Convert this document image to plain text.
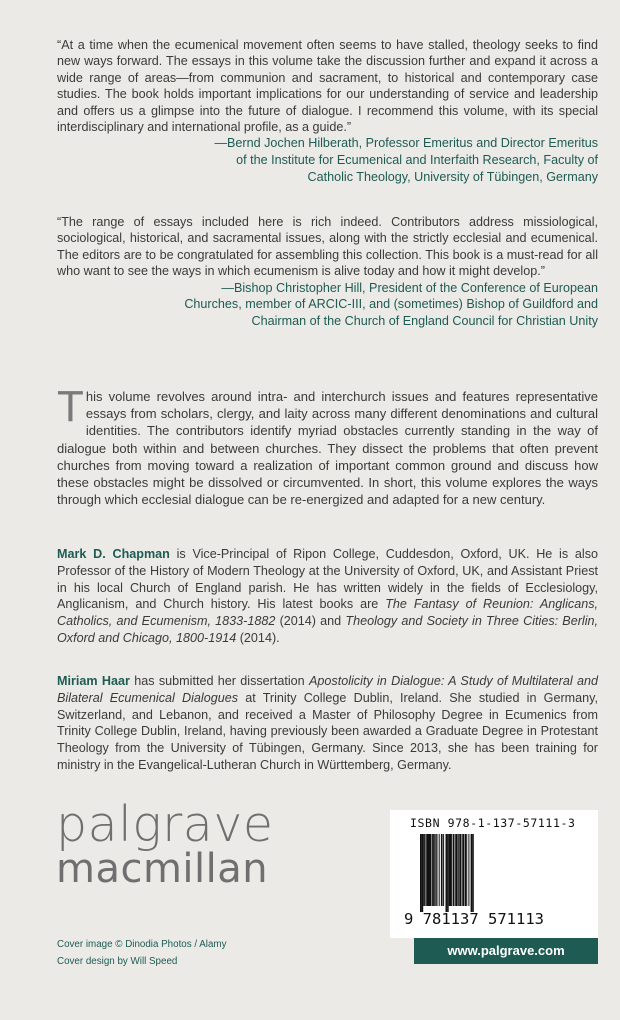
“At a time when the ecumenical movement often seems to have stalled, theology seeks to find new ways forward. The essays in this volume take the discussion further and expand it across a wide range of areas—from communion and sacrament, to historical and contemporary case studies. The book holds important implications for our understanding of service and leadership and offers us a glimpse into the future of dialogue. I recommend this volume, with its special interdisciplinary and international profile, as a guide.”
—Bernd Jochen Hilberath, Professor Emeritus and Director Emeritus
of the Institute for Ecumenical and Interfaith Research, Faculty of
Catholic Theology, University of Tübingen, Germany
“The range of essays included here is rich indeed. Contributors address missiological, sociological, historical, and sacramental issues, along with the strictly ecclesial and ecumenical. The editors are to be congratulated for assembling this collection. This book is a must-read for all who want to see the ways in which ecumenism is alive today and how it might develop.”
—Bishop Christopher Hill, President of the Conference of European
Churches, member of ARCIC-III, and (sometimes) Bishop of Guildford and
Chairman of the Church of England Council for Christian Unity
This volume revolves around intra- and interchurch issues and features representative essays from scholars, clergy, and laity across many different denominations and cultural identities. The contributors identify myriad obstacles currently standing in the way of dialogue both within and between churches. They dissect the problems that often prevent churches from moving toward a realization of important common ground and discuss how these obstacles might be dissolved or circumvented. In short, this volume explores the ways through which ecclesial dialogue can be re-energized and adapted for a new century.
Mark D. Chapman is Vice-Principal of Ripon College, Cuddesdon, Oxford, UK. He is also Professor of the History of Modern Theology at the University of Oxford, UK, and Assistant Priest in his local Church of England parish. He has written widely in the fields of Ecclesiology, Anglicanism, and Church history. His latest books are The Fantasy of Reunion: Anglicans, Catholics, and Ecumenism, 1833-1882 (2014) and Theology and Society in Three Cities: Berlin, Oxford and Chicago, 1800-1914 (2014).
Miriam Haar has submitted her dissertation Apostolicity in Dialogue: A Study of Multilateral and Bilateral Ecumenical Dialogues at Trinity College Dublin, Ireland. She studied in Germany, Switzerland, and Lebanon, and received a Master of Philosophy Degree in Ecumenics from Trinity College Dublin, Ireland, having previously been awarded a Graduate Degree in Protestant Theology from the University of Tübingen, Germany. Since 2013, she has been training for ministry in the Evangelical-Lutheran Church in Württemberg, Germany.
palgrave
macmillan
Cover image © Dinodia Photos / Alamy
Cover design by Will Speed
ISBN 978-1-137-57111-3
9 781137 571113
www.palgrave.com
